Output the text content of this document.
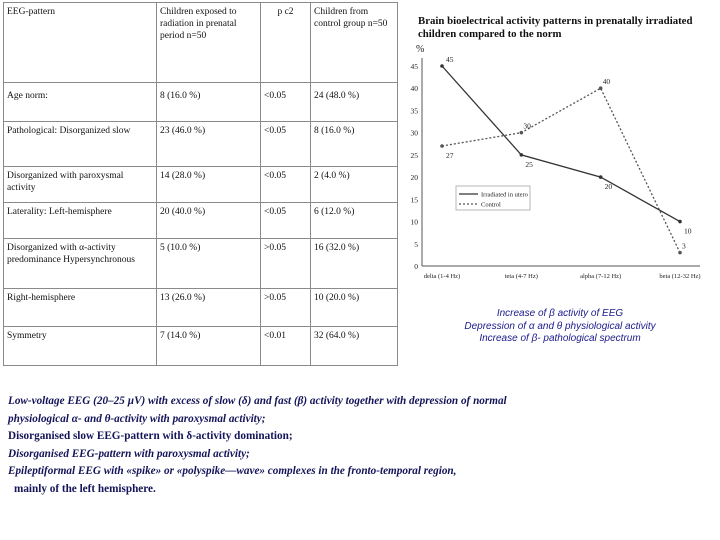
EEG-pattern	Children exposed to radiation in prenatal period n=50	p c2	Children from control group n=50
Age norm:	8 (16.0 %)	<0.05	24 (48.0 %)
Pathological: Disorganized slow	23 (46.0 %)	<0.05	8 (16.0 %)
Disorganized with paroxysmal activity	14 (28.0 %)	<0.05	2 (4.0 %)
Laterality: Left-hemisphere	20 (40.0 %)	<0.05	6 (12.0 %)
Disorganized with α-activity predominance Hypersynchronous	5 (10.0 %)	>0.05	16 (32.0 %)
Right-hemisphere	13 (26.0 %)	>0.05	10 (20.0 %)
Symmetry	7 (14.0 %)	<0.01	32 (64.0 %)
Brain bioelectrical activity patterns in prenatally irradiated children compared to the norm
%
0
5
10
15
20
25
30
35
40
45
delta (1-4 Hz)	teta (4-7 Hz)	alpha (7-12 Hz)	beta (12-32 Hz)
45
25
20
10
27
30
40
3
Irradiated in utero
Control
Increase of β activity of EEG
Depression of α and θ physiological activity
Increase of β- pathological spectrum
Low-voltage EEG (20–25 µV) with excess of slow (δ) and fast (β) activity together with depression of normal
physiological α- and θ-activity with paroxysmal activity;
Disorganised slow EEG-pattern with δ-activity domination;
Disorganised EEG-pattern with paroxysmal activity;
Epileptiformal EEG with «spike» or «polyspike—wave» complexes in the fronto-temporal region,
mainly of the left hemisphere.
